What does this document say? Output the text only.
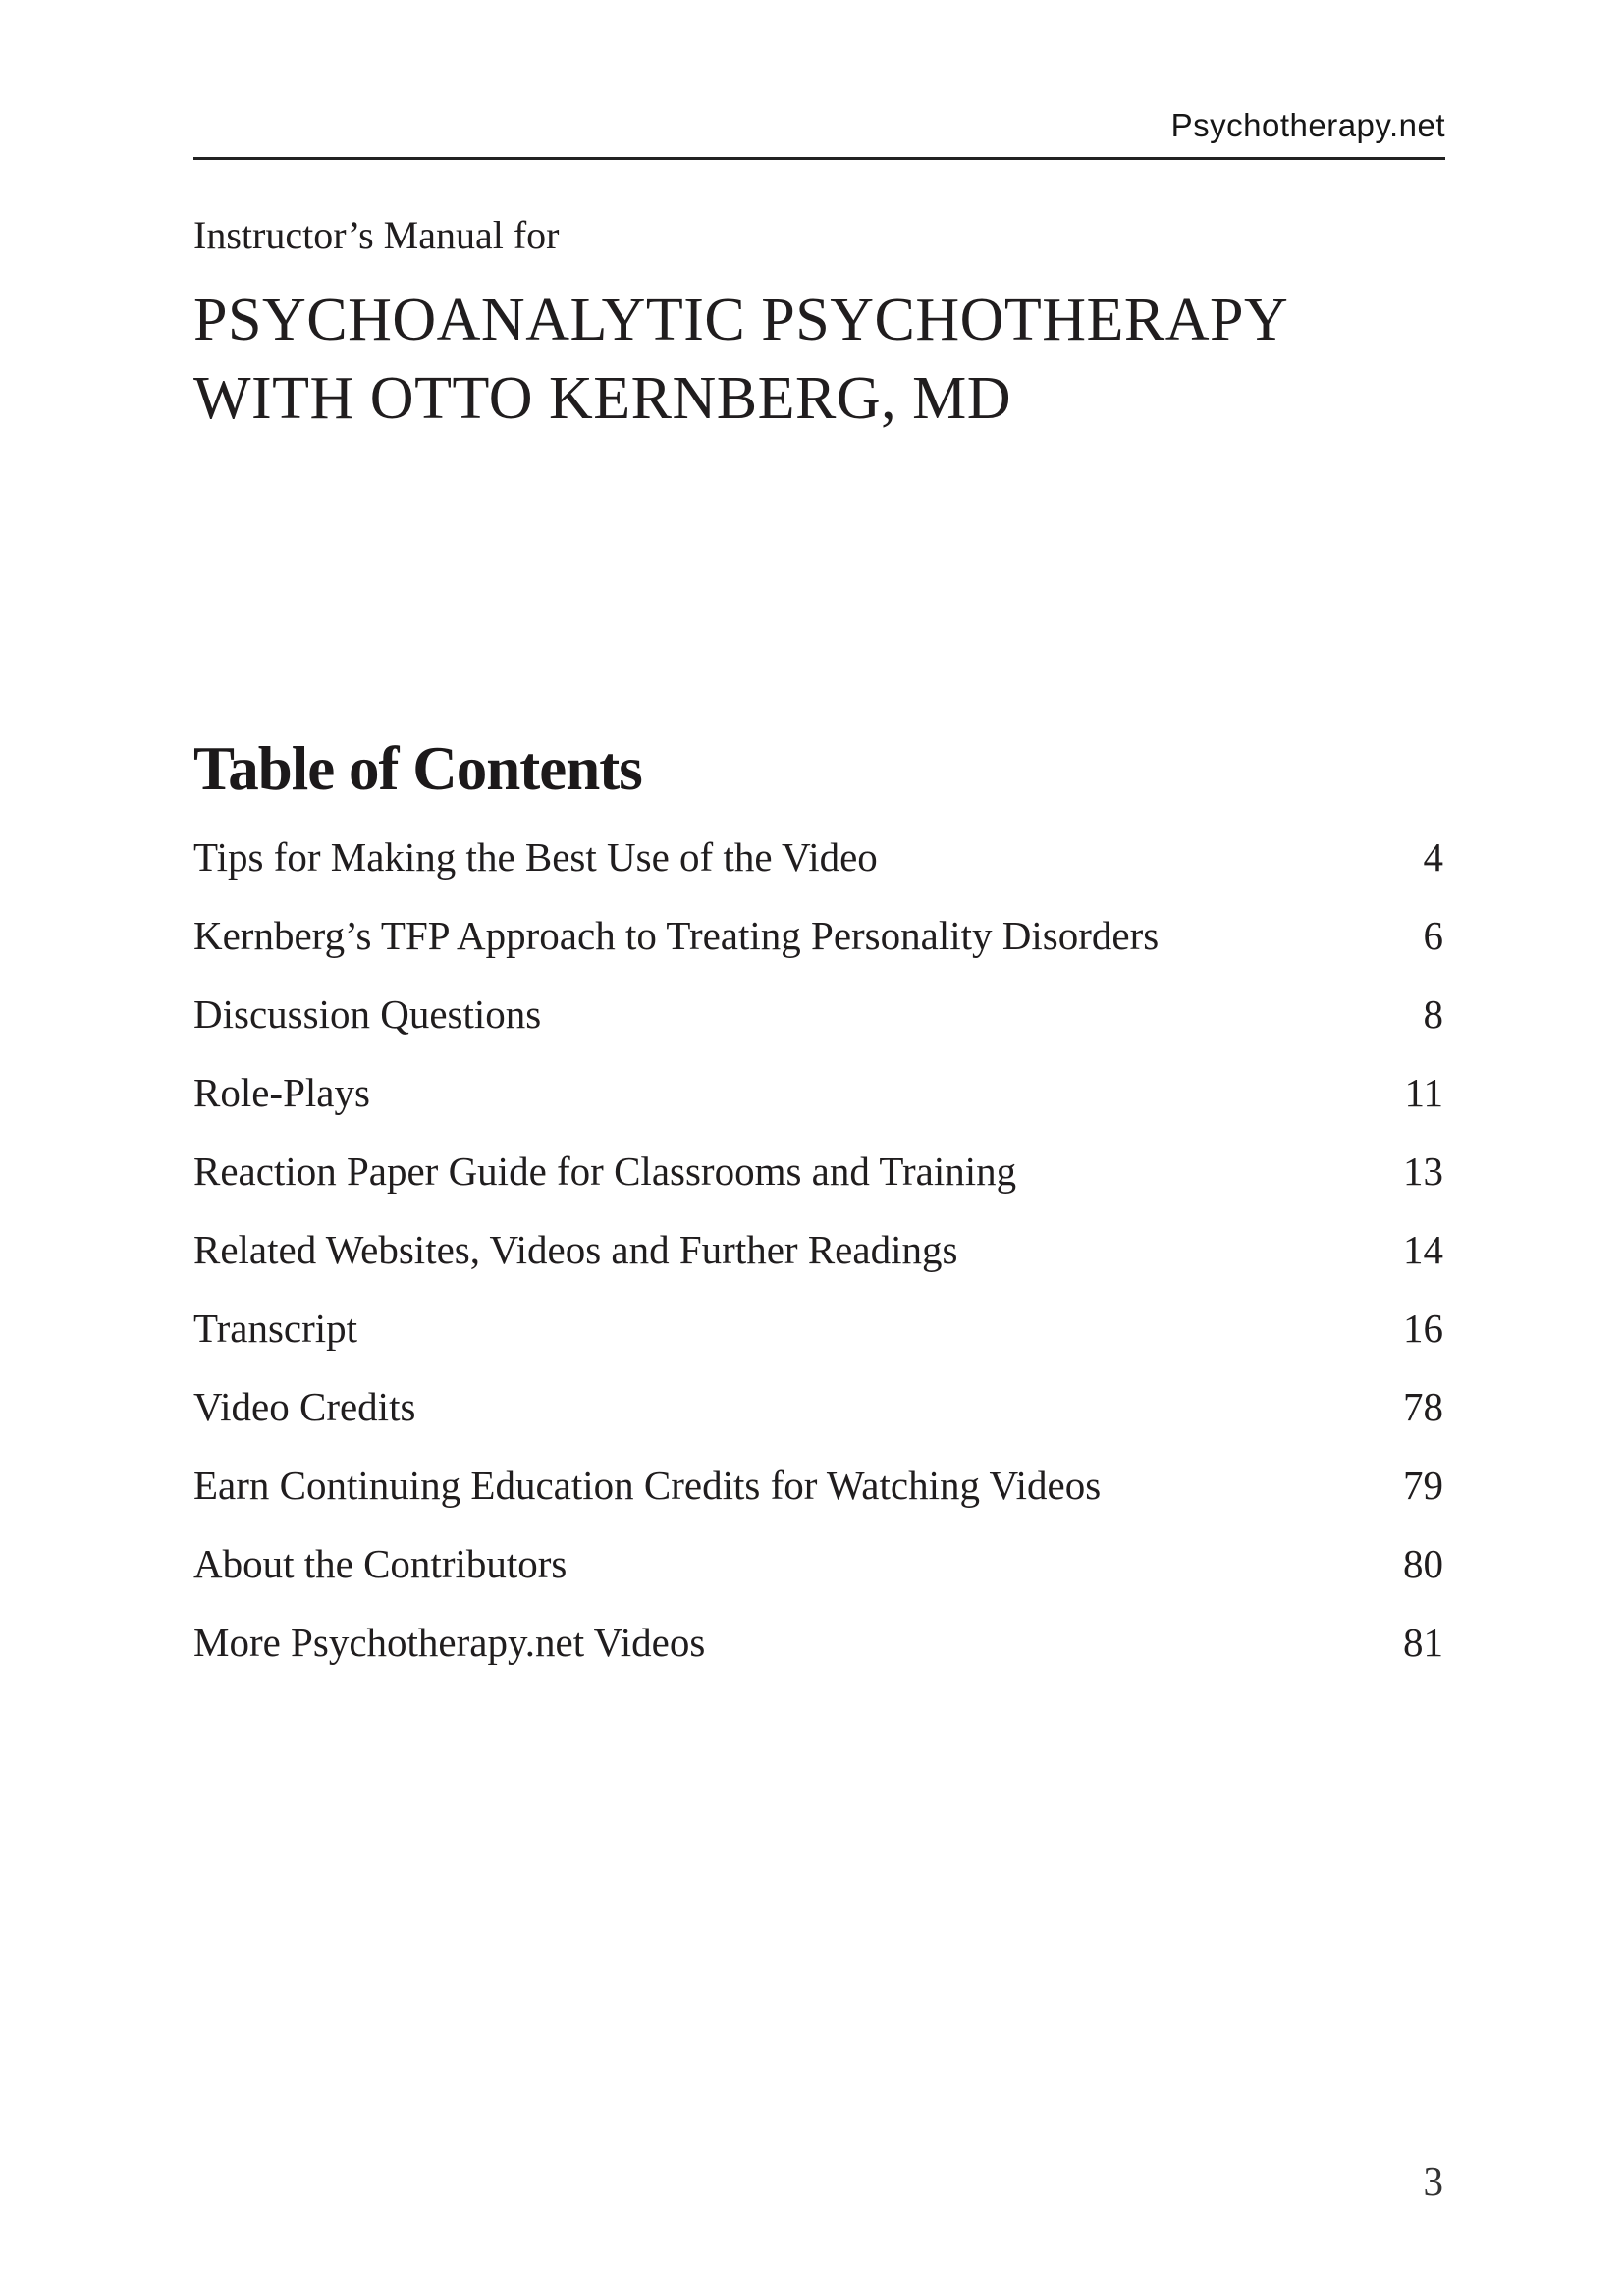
Psychotherapy.net
Instructor’s Manual for
PSYCHOANALYTIC PSYCHOTHERAPY
WITH OTTO KERNBERG, MD
Table of Contents
Tips for Making the Best Use of the Video	4
Kernberg’s TFP Approach to Treating Personality Disorders	6
Discussion Questions	8
Role-Plays	11
Reaction Paper Guide for Classrooms and Training	13
Related Websites, Videos and Further Readings	14
Transcript	16
Video Credits	78
Earn Continuing Education Credits for Watching Videos	79
About the Contributors	80
More Psychotherapy.net Videos	81
3
